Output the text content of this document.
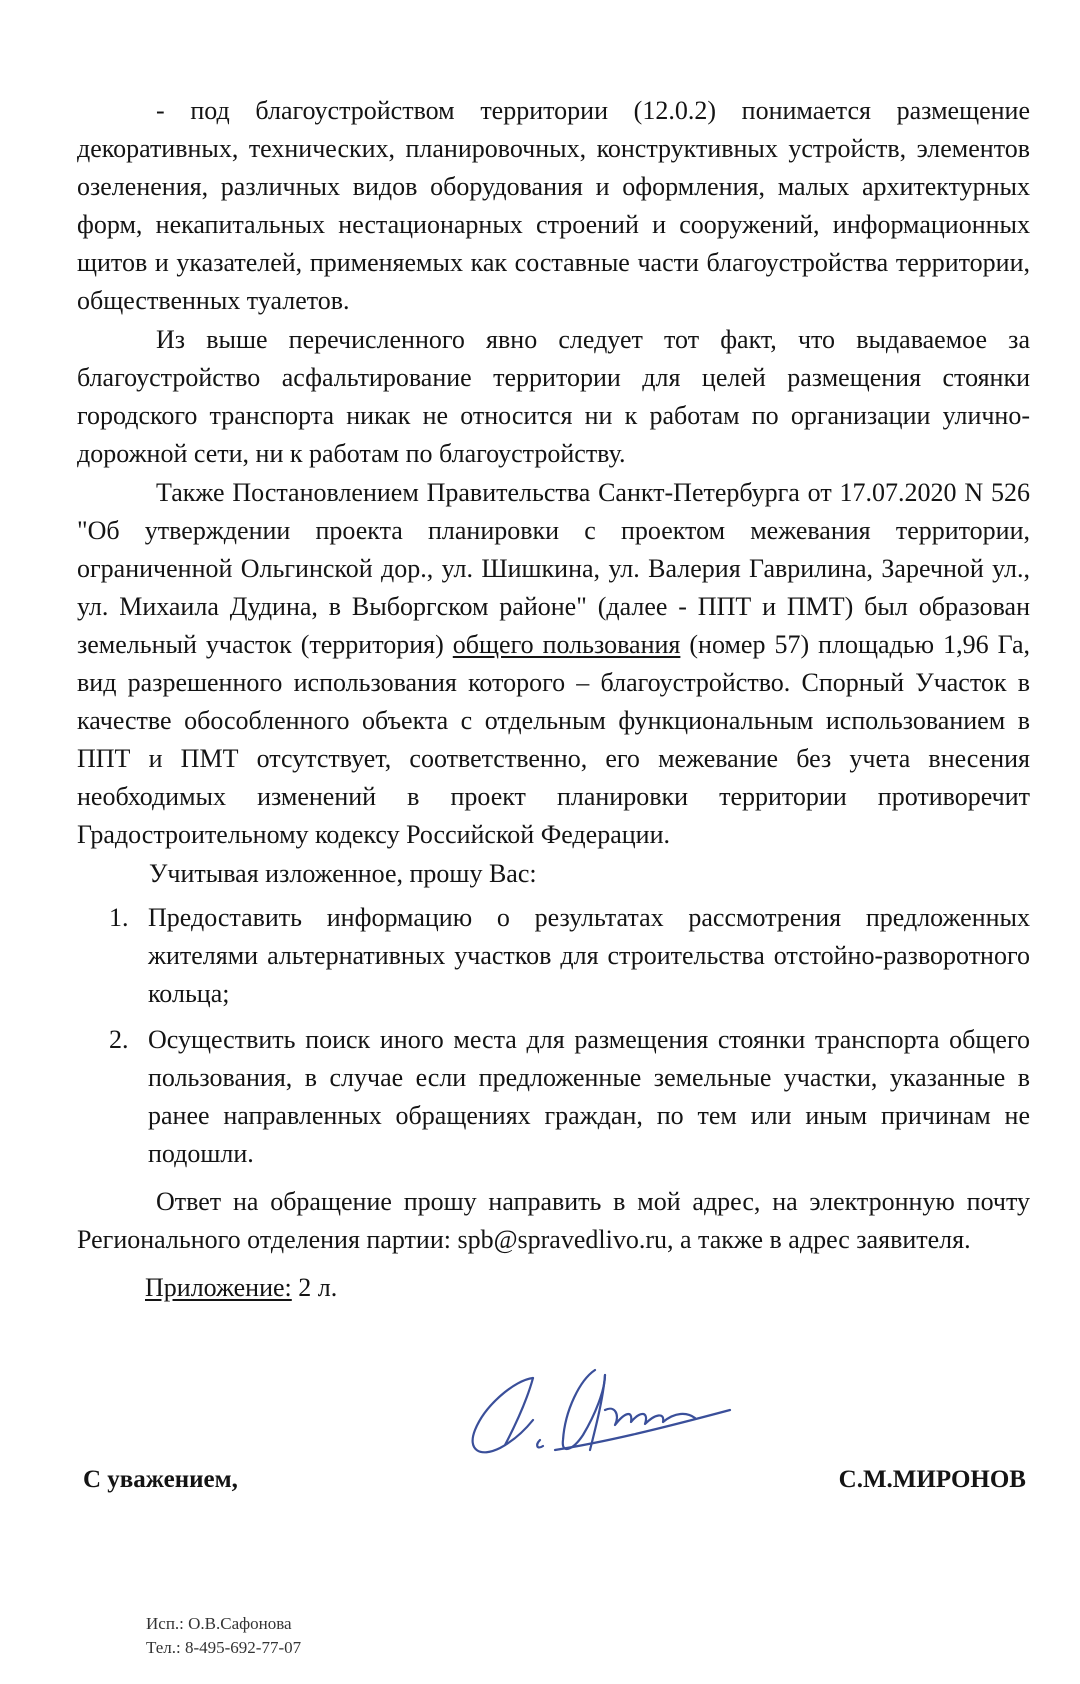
- под благоустройством территории (12.0.2) понимается размещение декоративных, технических, планировочных, конструктивных устройств, элементов озеленения, различных видов оборудования и оформления, малых архитектурных форм, некапитальных нестационарных строений и сооружений, информационных щитов и указателей, применяемых как составные части благоустройства территории, общественных туалетов.

Из выше перечисленного явно следует тот факт, что выдаваемое за благоустройство асфальтирование территории для целей размещения стоянки городского транспорта никак не относится ни к работам по организации улично-дорожной сети, ни к работам по благоустройству.

Также Постановлением Правительства Санкт-Петербурга от 17.07.2020 N 526 "Об утверждении проекта планировки с проектом межевания территории, ограниченной Ольгинской дор., ул. Шишкина, ул. Валерия Гаврилина, Заречной ул., ул. Михаила Дудина, в Выборгском районе" (далее - ППТ и ПМТ) был образован земельный участок (территория) общего пользования (номер 57) площадью 1,96 Га, вид разрешенного использования которого – благоустройство. Спорный Участок в качестве обособленного объекта с отдельным функциональным использованием в ППТ и ПМТ отсутствует, соответственно, его межевание без учета внесения необходимых изменений в проект планировки территории противоречит Градостроительному кодексу Российской Федерации.

Учитывая изложенное, прошу Вас:

1. Предоставить информацию о результатах рассмотрения предложенных жителями альтернативных участков для строительства отстойно-разворотного кольца;
2. Осуществить поиск иного места для размещения стоянки транспорта общего пользования, в случае если предложенные земельные участки, указанные в ранее направленных обращениях граждан, по тем или иным причинам не подошли.

Ответ на обращение прошу направить в мой адрес, на электронную почту Регионального отделения партии: spb@spravedlivo.ru, а также в адрес заявителя.

Приложение: 2 л.

С уважением,	С.М.МИРОНОВ
Исп.: О.В.Сафонова
Тел.: 8-495-692-77-07
